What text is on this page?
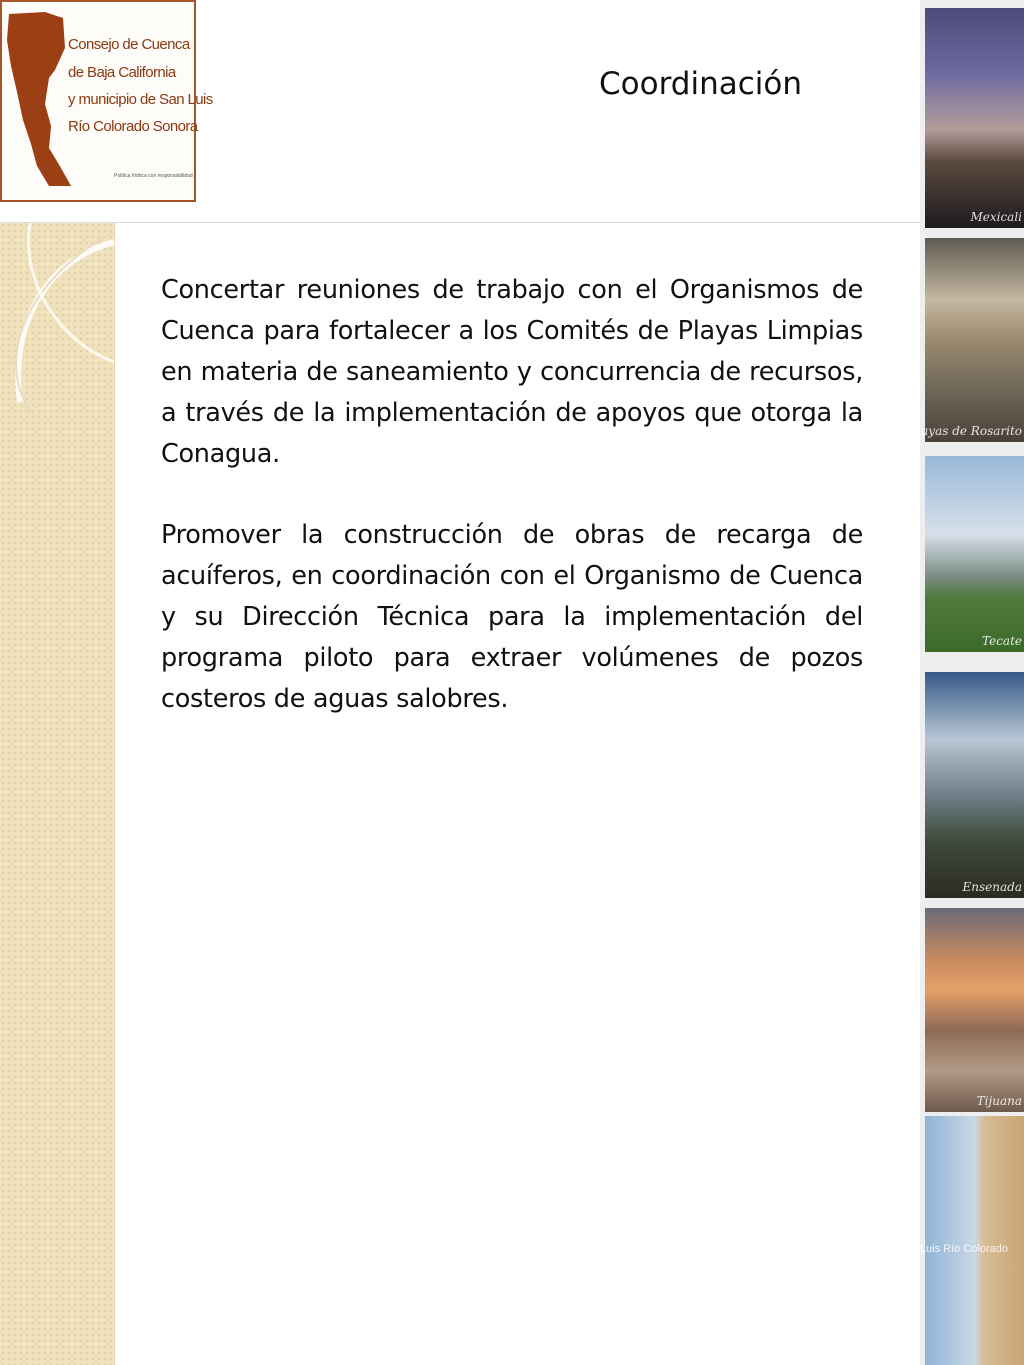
Consejo de Cuenca
de Baja California
y municipio de San Luis
Río Colorado Sonora
Política hídrica con responsabilidad
Coordinación

Concertar reuniones de trabajo con el Organismos de Cuenca para fortalecer a los Comités de Playas Limpias en materia de saneamiento y concurrencia de recursos, a través de la implementación de apoyos que otorga la Conagua.

Promover la construcción de obras de recarga de acuíferos, en coordinación con el Organismo de Cuenca y su Dirección Técnica para la implementación del programa piloto para extraer volúmenes de pozos costeros de aguas salobres.

Mexicali
Playas de Rosarito
Tecate
Ensenada
Tijuana
San Luis Río Colorado
